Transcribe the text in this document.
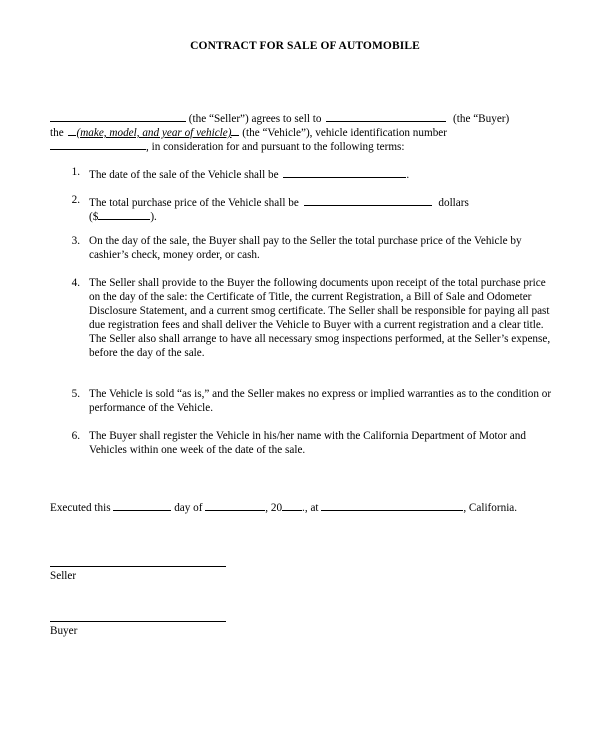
CONTRACT FOR SALE OF AUTOMOBILE
(the “Seller”) agrees to sell to	(the “Buyer)
the (make, model, and year of vehicle) (the “Vehicle”), vehicle identification number
, in consideration for and pursuant to the following terms:
1. The date of the sale of the Vehicle shall be	.
2. The total purchase price of the Vehicle shall be	dollars
($	).
3. On the day of the sale, the Buyer shall pay to the Seller the total purchase price of the Vehicle by cashier’s check, money order, or cash.
4. The Seller shall provide to the Buyer the following documents upon receipt of the total purchase price on the day of the sale: the Certificate of Title, the current Registration, a Bill of Sale and Odometer Disclosure Statement, and a current smog certificate. The Seller shall be responsible for paying all past due registration fees and shall deliver the Vehicle to Buyer with a current registration and a clear title. The Seller also shall arrange to have all necessary smog inspections performed, at the Seller’s expense, before the day of the sale.
5. The Vehicle is sold “as is,” and the Seller makes no express or implied warranties as to the condition or performance of the Vehicle.
6. The Buyer shall register the Vehicle in his/her name with the California Department of Motor and Vehicles within one week of the date of the sale.
Executed this	day of	, 20 ., at	, California.
Seller
Buyer
